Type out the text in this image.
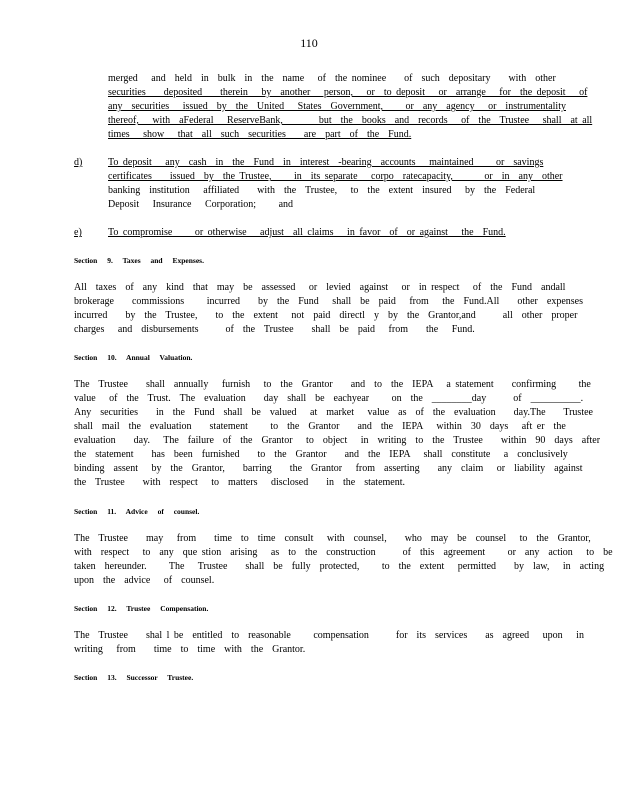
110
merged   and  held  in  bulk  in  the  name   of  the nominee    of  such  depositary    with  other
securities    deposited    therein   by  another   person,   or  to deposit   or  arrange   for  the deposit   of
any  securities   issued  by  the  United   States  Government,     or  any  agency   or  instrumentality
thereof,   with  aFederal   ReserveBank,        but  the  books  and  records   of  the  Trustee   shall  at all
times   show   that  all  such  securities    are  part  of  the  Fund.
d)	To deposit   any  cash  in  the  Fund  in  interest  -bearing  accounts   maintained     or  savings
certificates    issued  by  the Trustee,     in  its separate   corpo  ratecapacity,       or  in  any  other
banking  institution   affiliated    with  the  Trustee,   to  the  extent  insured   by  the  Federal
Deposit   Insurance   Corporation;     and
e)	To compromise     or otherwise   adjust  all claims   in favor  of  or against   the  Fund.
Section 9. Taxes and Expenses.
All  taxes  of  any  kind  that  may  be  assessed   or  levied  against   or  in respect   of  the  Fund  andall
brokerage    commissions     incurred    by  the  Fund   shall  be  paid   from   the  Fund.All    other  expenses
incurred    by  the  Trustee,    to  the  extent   not  paid  directl  y  by  the  Grantor,and      all  other  proper
charges   and  disbursements      of  the  Trustee    shall  be  paid   from    the   Fund.
Section 10. Annual Valuation.
The  Trustee    shall  annually   furnish   to  the  Grantor    and  to  the  IEPA   a statement    confirming     the
value   of  the  Trust.  The  evaluation    day  shall  be  eachyear     on  the  ________day      of  __________.
Any  securities    in  the  Fund  shall  be  valued   at  market   value  as  of  the  evaluation    day.The    Trustee
shall  mail  the  evaluation    statement     to  the  Grantor    and  the  IEPA   within  30  days   aft er  the
evaluation    day.   The  failure  of  the  Grantor   to  object   in  writing  to  the  Trustee    within  90  days  after
the  statement    has  been  furnished    to  the  Grantor    and  the  IEPA   shall  constitute   a  conclusively
binding  assent   by  the  Grantor,    barring    the  Grantor   from  asserting    any  claim   or  liability  against
the  Trustee    with  respect   to  matters   disclosed    in  the  statement.
Section 11. Advice of counsel.
The  Trustee    may   from    time  to  time  consult   with  counsel,    who  may  be  counsel   to  the  Grantor,
with  respect   to  any  que stion  arising   as  to  the  construction      of  this  agreement     or  any  action   to  be
taken  hereunder.     The   Trustee    shall  be  fully  protected,     to  the  extent   permitted    by  law,   in  acting
upon  the  advice   of  counsel.
Section 12. Trustee Compensation.
The  Trustee    shal l be  entitled  to  reasonable     compensation      for  its  services    as  agreed   upon   in
writing   from    time  to  time  with  the  Grantor.
Section 13. Successor Trustee.
